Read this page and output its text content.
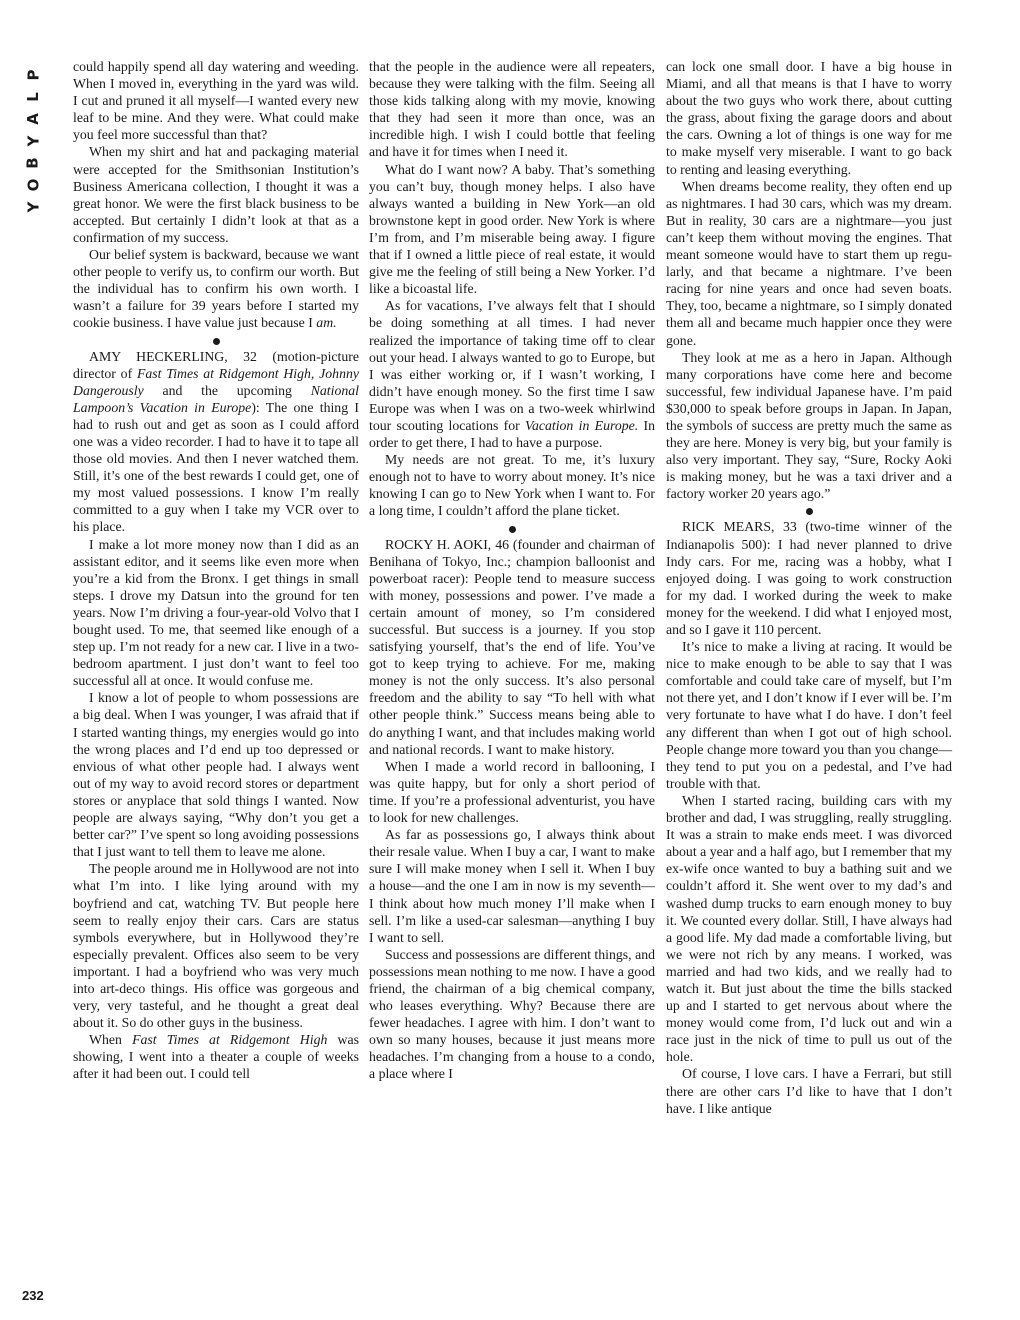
P
L
A
Y
B
O
Y
232

could happily spend all day watering and weeding. When I moved in, everything in the yard was wild. I cut and pruned it all myself—I wanted every new leaf to be mine. And they were. What could make you feel more successful than that?

When my shirt and hat and packaging material were accepted for the Smithsonian Institution’s Business Americana collection, I thought it was a great honor. We were the first black business to be accepted. But certainly I didn’t look at that as a confirmation of my success.

Our belief system is backward, because we want other people to verify us, to confirm our worth. But the individual has to confirm his own worth. I wasn’t a failure for 39 years before I started my cookie business. I have value just because I am.

AMY HECKERLING, 32 (motion-picture director of Fast Times at Ridgemont High, Johnny Dangerously and the upcoming National Lampoon’s Vacation in Europe): The one thing I had to rush out and get as soon as I could afford one was a video recorder. I had to have it to tape all those old movies. And then I never watched them. Still, it’s one of the best rewards I could get, one of my most valued possessions. I know I’m really committed to a guy when I take my VCR over to his place.

I make a lot more money now than I did as an assistant editor, and it seems like even more when you’re a kid from the Bronx. I get things in small steps. I drove my Datsun into the ground for ten years. Now I’m driving a four-year-old Volvo that I bought used. To me, that seemed like enough of a step up. I’m not ready for a new car. I live in a two-bedroom apartment. I just don’t want to feel too successful all at once. It would confuse me.

I know a lot of people to whom possessions are a big deal. When I was younger, I was afraid that if I started wanting things, my energies would go into the wrong places and I’d end up too depressed or envious of what other people had. I always went out of my way to avoid record stores or department stores or anyplace that sold things I wanted. Now people are always saying, “Why don’t you get a better car?” I’ve spent so long avoiding possessions that I just want to tell them to leave me alone.

The people around me in Hollywood are not into what I’m into. I like lying around with my boyfriend and cat, watching TV. But people here seem to really enjoy their cars. Cars are status symbols everywhere, but in Hollywood they’re especially prevalent. Offices also seem to be very important. I had a boyfriend who was very much into art-deco things. His office was gorgeous and very, very tasteful, and he thought a great deal about it. So do other guys in the business.

When Fast Times at Ridgemont High was showing, I went into a theater a couple of weeks after it had been out. I could tell

that the people in the audience were all repeaters, because they were talking with the film. Seeing all those kids talking along with my movie, knowing that they had seen it more than once, was an incredible high. I wish I could bottle that feeling and have it for times when I need it.

What do I want now? A baby. That’s something you can’t buy, though money helps. I also have always wanted a building in New York—an old brownstone kept in good order. New York is where I’m from, and I’m miserable being away. I figure that if I owned a little piece of real estate, it would give me the feeling of still being a New Yorker. I’d like a bicoastal life.

As for vacations, I’ve always felt that I should be doing something at all times. I had never realized the importance of taking time off to clear out your head. I always wanted to go to Europe, but I was either working or, if I wasn’t working, I didn’t have enough money. So the first time I saw Europe was when I was on a two-week whirlwind tour scouting locations for Vacation in Europe. In order to get there, I had to have a purpose.

My needs are not great. To me, it’s luxury enough not to have to worry about money. It’s nice knowing I can go to New York when I want to. For a long time, I couldn’t afford the plane ticket.

ROCKY H. AOKI, 46 (founder and chairman of Benihana of Tokyo, Inc.; champion balloonist and powerboat racer): People tend to measure success with money, possessions and power. I’ve made a certain amount of money, so I’m considered successful. But success is a journey. If you stop satisfying yourself, that’s the end of life. You’ve got to keep trying to achieve. For me, making money is not the only success. It’s also personal freedom and the ability to say “To hell with what other people think.” Success means being able to do anything I want, and that includes making world and national records. I want to make history.

When I made a world record in ballooning, I was quite happy, but for only a short period of time. If you’re a professional adventurist, you have to look for new challenges.

As far as possessions go, I always think about their resale value. When I buy a car, I want to make sure I will make money when I sell it. When I buy a house—and the one I am in now is my seventh—I think about how much money I’ll make when I sell. I’m like a used-car salesman—anything I buy I want to sell.

Success and possessions are different things, and possessions mean nothing to me now. I have a good friend, the chairman of a big chemical company, who leases everything. Why? Because there are fewer headaches. I agree with him. I don’t want to own so many houses, because it just means more headaches. I’m changing from a house to a condo, a place where I

can lock one small door. I have a big house in Miami, and all that means is that I have to worry about the two guys who work there, about cutting the grass, about fixing the garage doors and about the cars. Owning a lot of things is one way for me to make myself very miserable. I want to go back to renting and leasing everything.

When dreams become reality, they often end up as nightmares. I had 30 cars, which was my dream. But in reality, 30 cars are a nightmare—you just can’t keep them without moving the engines. That meant someone would have to start them up regularly, and that became a nightmare. I’ve been racing for nine years and once had seven boats. They, too, became a nightmare, so I simply donated them all and became much happier once they were gone.

They look at me as a hero in Japan. Although many corporations have come here and become successful, few individual Japanese have. I’m paid $30,000 to speak before groups in Japan. In Japan, the symbols of success are pretty much the same as they are here. Money is very big, but your family is also very important. They say, “Sure, Rocky Aoki is making money, but he was a taxi driver and a factory worker 20 years ago.”

RICK MEARS, 33 (two-time winner of the Indianapolis 500): I had never planned to drive Indy cars. For me, racing was a hobby, what I enjoyed doing. I was going to work construction for my dad. I worked during the week to make money for the weekend. I did what I enjoyed most, and so I gave it 110 percent.

It’s nice to make a living at racing. It would be nice to make enough to be able to say that I was comfortable and could take care of myself, but I’m not there yet, and I don’t know if I ever will be. I’m very fortunate to have what I do have. I don’t feel any different than when I got out of high school. People change more toward you than you change—they tend to put you on a pedestal, and I’ve had trouble with that.

When I started racing, building cars with my brother and dad, I was struggling, really struggling. It was a strain to make ends meet. I was divorced about a year and a half ago, but I remember that my ex-wife once wanted to buy a bathing suit and we couldn’t afford it. She went over to my dad’s and washed dump trucks to earn enough money to buy it. We counted every dollar. Still, I have always had a good life. My dad made a comfortable living, but we were not rich by any means. I worked, was married and had two kids, and we really had to watch it. But just about the time the bills stacked up and I started to get nervous about where the money would come from, I’d luck out and win a race just in the nick of time to pull us out of the hole.

Of course, I love cars. I have a Ferrari, but still there are other cars I’d like to have that I don’t have. I like antique
